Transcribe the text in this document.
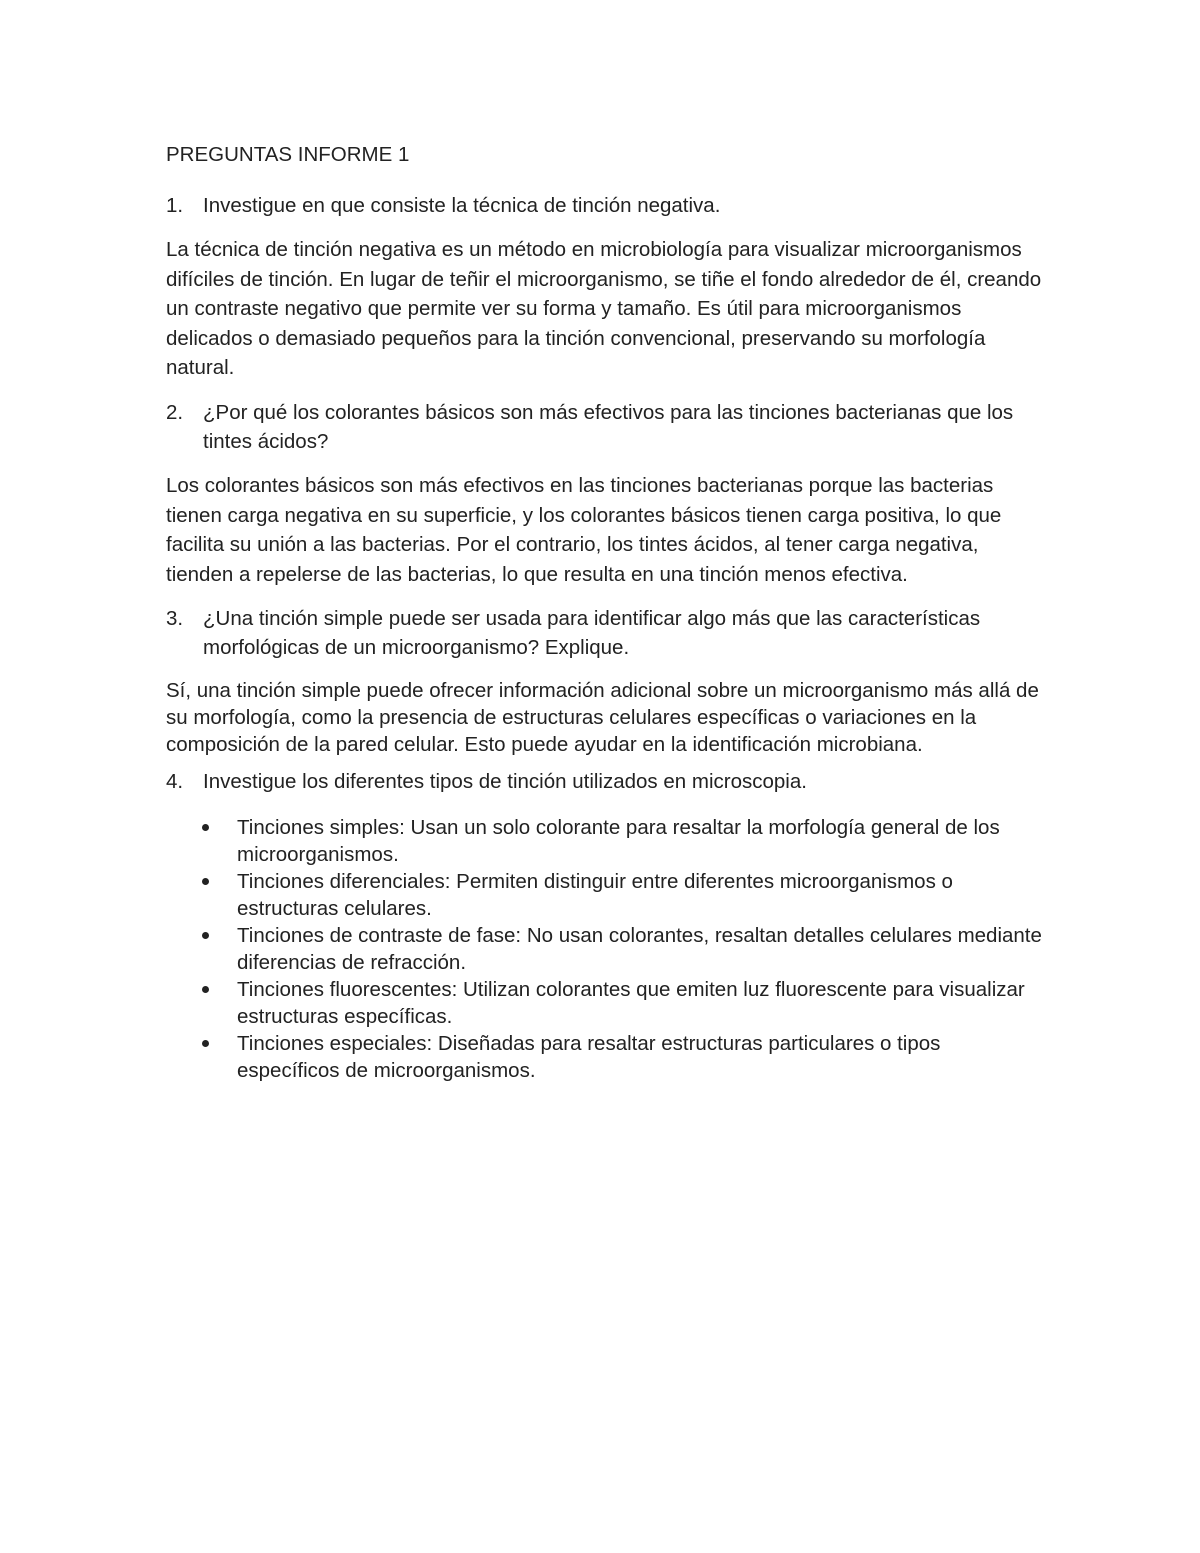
PREGUNTAS INFORME 1
1. Investigue en que consiste la técnica de tinción negativa.

La técnica de tinción negativa es un método en microbiología para visualizar microorganismos difíciles de tinción. En lugar de teñir el microorganismo, se tiñe el fondo alrededor de él, creando un contraste negativo que permite ver su forma y tamaño. Es útil para microorganismos delicados o demasiado pequeños para la tinción convencional, preservando su morfología natural.

2. ¿Por qué los colorantes básicos son más efectivos para las tinciones bacterianas que los tintes ácidos?

Los colorantes básicos son más efectivos en las tinciones bacterianas porque las bacterias tienen carga negativa en su superficie, y los colorantes básicos tienen carga positiva, lo que facilita su unión a las bacterias. Por el contrario, los tintes ácidos, al tener carga negativa, tienden a repelerse de las bacterias, lo que resulta en una tinción menos efectiva.

3. ¿Una tinción simple puede ser usada para identificar algo más que las características morfológicas de un microorganismo? Explique.

Sí, una tinción simple puede ofrecer información adicional sobre un microorganismo más allá de su morfología, como la presencia de estructuras celulares específicas o variaciones en la composición de la pared celular. Esto puede ayudar en la identificación microbiana.

4. Investigue los diferentes tipos de tinción utilizados en microscopia.
Tinciones simples: Usan un solo colorante para resaltar la morfología general de los microorganismos.
Tinciones diferenciales: Permiten distinguir entre diferentes microorganismos o estructuras celulares.
Tinciones de contraste de fase: No usan colorantes, resaltan detalles celulares mediante diferencias de refracción.
Tinciones fluorescentes: Utilizan colorantes que emiten luz fluorescente para visualizar estructuras específicas.
Tinciones especiales: Diseñadas para resaltar estructuras particulares o tipos específicos de microorganismos.
